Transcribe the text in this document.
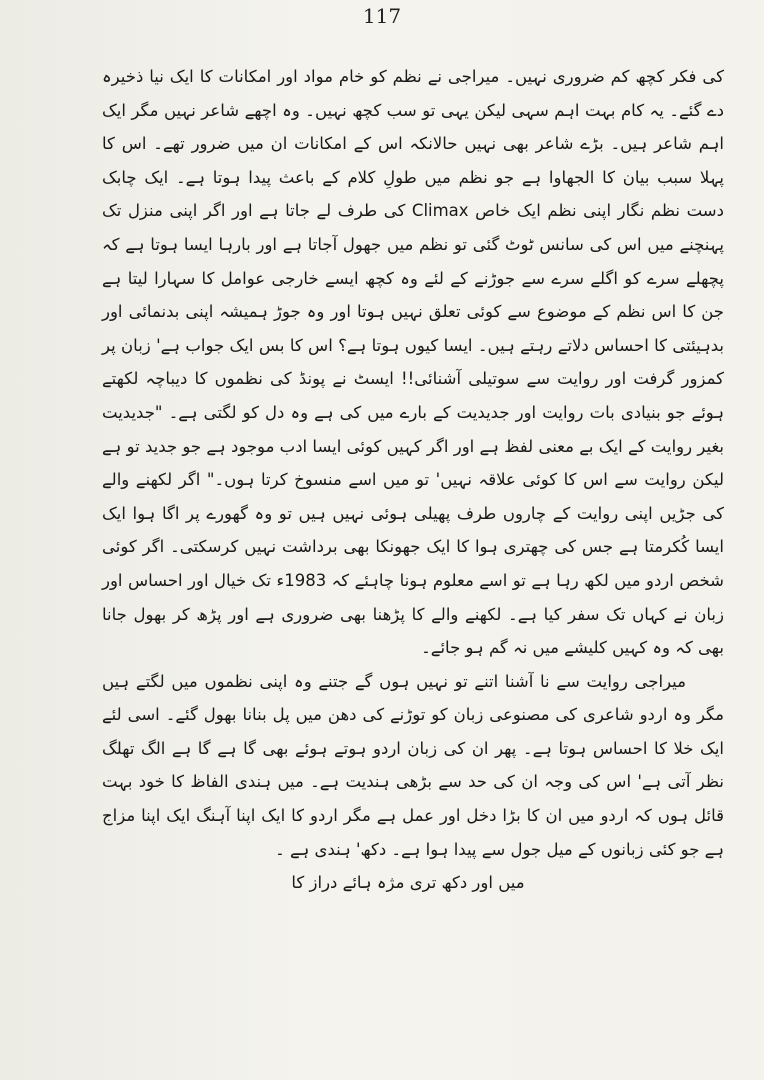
117

کی فکر کچھ کم ضروری نہیں۔ میراجی نے نظم کو خام مواد اور امکانات کا ایک نیا ذخیرہ دے گئے۔ یہ کام بہت اہم سہی لیکن یہی تو سب کچھ نہیں۔ وہ اچھے شاعر نہیں مگر ایک اہم شاعر ہیں۔ بڑے شاعر بھی نہیں حالانکہ اس کے امکانات ان میں ضرور تھے۔ اس کا پہلا سبب بیان کا الجھاوا ہے جو نظم میں طولِ کلام کے باعث پیدا ہوتا ہے۔ ایک چابک دست نظم نگار اپنی نظم ایک خاص Climax کی طرف لے جاتا ہے اور اگر اپنی منزل تک پہنچنے میں اس کی سانس ٹوٹ گئی تو نظم میں جھول آجاتا ہے اور بارہا ایسا ہوتا ہے کہ پچھلے سرے کو اگلے سرے سے جوڑنے کے لئے وہ کچھ ایسے خارجی عوامل کا سہارا لیتا ہے جن کا اس نظم کے موضوع سے کوئی تعلق نہیں ہوتا اور وہ جوڑ ہمیشہ اپنی بدنمائی اور بدہیئتی کا احساس دلاتے رہتے ہیں۔ ایسا کیوں ہوتا ہے؟ اس کا بس ایک جواب ہے' زبان پر کمزور گرفت اور روایت سے سوتیلی آشنائی!! ایسٹ نے پونڈ کی نظموں کا دیباچہ لکھتے ہوئے جو بنیادی بات روایت اور جدیدیت کے بارے میں کی ہے وہ دل کو لگتی ہے۔ "جدیدیت بغیر روایت کے ایک بے معنی لفظ ہے اور اگر کہیں کوئی ایسا ادب موجود ہے جو جدید تو ہے لیکن روایت سے اس کا کوئی علاقہ نہیں' تو میں اسے منسوخ کرتا ہوں۔" اگر لکھنے والے کی جڑیں اپنی روایت کے چاروں طرف پھیلی ہوئی نہیں ہیں تو وہ گھورے پر اگا ہوا ایک ایسا کُکرمتا ہے جس کی چھتری ہوا کا ایک جھونکا بھی برداشت نہیں کرسکتی۔ اگر کوئی شخص اردو میں لکھ رہا ہے تو اسے معلوم ہونا چاہئے کہ 1983ء تک خیال اور احساس اور زبان نے کہاں تک سفر کیا ہے۔ لکھنے والے کا پڑھنا بھی ضروری ہے اور پڑھ کر بھول جانا بھی کہ وہ کہیں کلیشے میں نہ گم ہو جائے۔

میراجی روایت سے نا آشنا اتنے تو نہیں ہوں گے جتنے وہ اپنی نظموں میں لگتے ہیں مگر وہ اردو شاعری کی مصنوعی زبان کو توڑنے کی دھن میں پل بنانا بھول گئے۔ اسی لئے ایک خلا کا احساس ہوتا ہے۔ پھر ان کی زبان اردو ہوتے ہوئے بھی گا ہے گا ہے الگ تھلگ نظر آتی ہے' اس کی وجہ ان کی حد سے بڑھی ہندیت ہے۔ میں ہندی الفاظ کا خود بہت قائل ہوں کہ اردو میں ان کا بڑا دخل اور عمل ہے مگر اردو کا ایک اپنا آہنگ ایک اپنا مزاج ہے جو کئی زبانوں کے میل جول سے پیدا ہوا ہے۔ دکھ' ہندی ہے ۔

میں اور دکھ تری مژہ ہائے دراز کا
